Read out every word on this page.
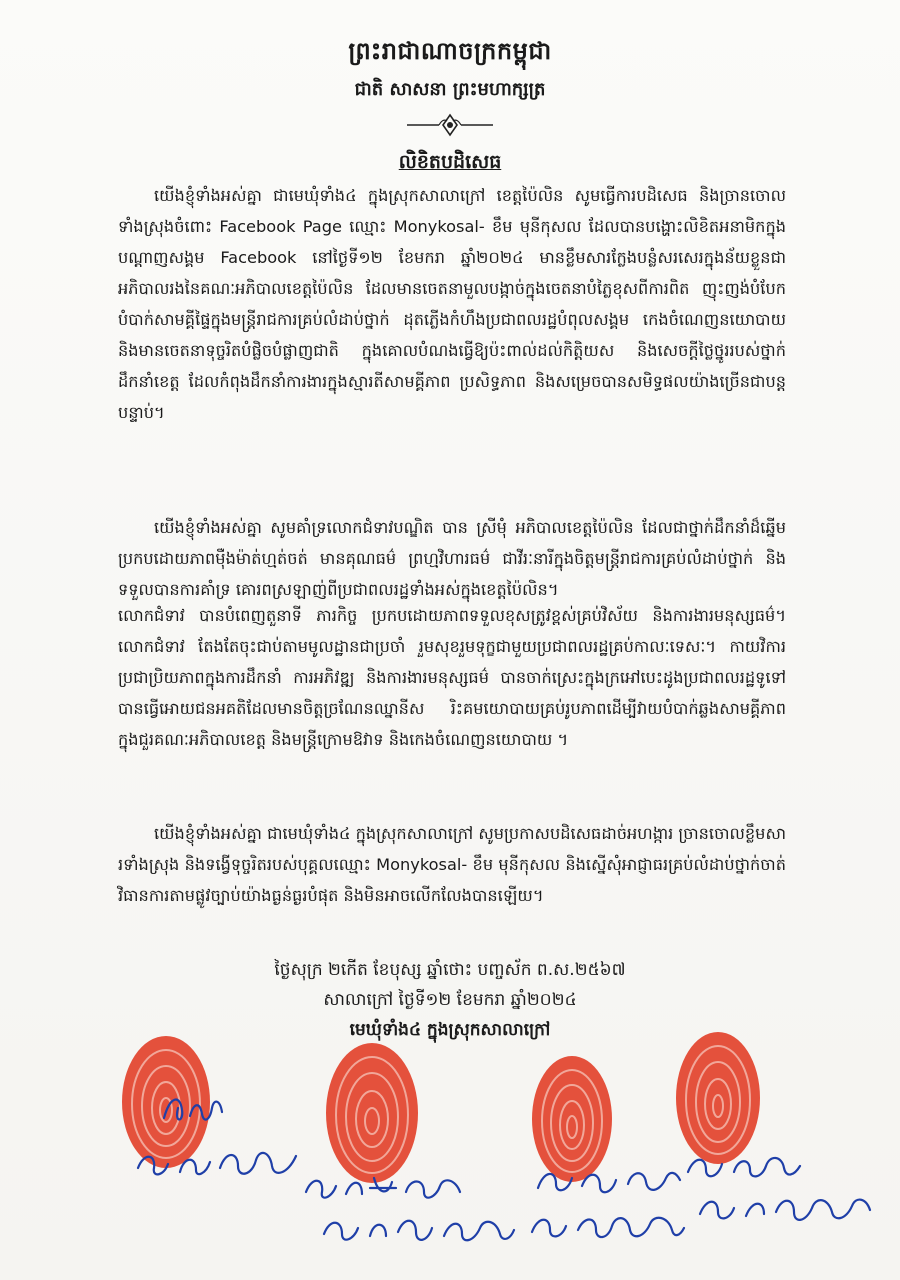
ព្រះរាជាណាចក្រកម្ពុជា
ជាតិ សាសនា ព្រះមហាក្សត្រ
លិខិតបដិសេធ
យើងខ្ញុំទាំងអស់គ្នា ជាមេឃុំទាំង៤ ក្នុងស្រុកសាលាក្រៅ ខេត្តប៉ៃលិន សូមធ្វើការបដិសេធ និងច្រានចោលទាំងស្រុងចំពោះ Facebook Page ឈ្មោះ Monykosal- ខឹម មុនីកុសល ដែលបានបង្ហោះលិខិតអនាមិកក្នុងបណ្តាញសង្គម Facebook នៅថ្ងៃទី១២ ខែមករា ឆ្នាំ២០២៤ មានខ្លឹមសារក្លែងបន្លំសរសេរក្នុងន័យខ្លួនជាអភិបាលរងនៃគណៈអភិបាលខេត្តប៉ៃលិន ដែលមានចេតនាមួលបង្កាច់ក្នុងចេតនាបំភ្លៃខុសពីការពិត ញុះញង់បំបែកបំបាក់សាមគ្គីផ្ទៃក្នុងមន្ត្រីរាជការគ្រប់លំដាប់ថ្នាក់ ដុតភ្លើងកំហឹងប្រជាពលរដ្ឋបំពុលសង្គម កេងចំណេញនយោបាយ និងមានចេតនាទុច្ចរិតបំផ្លិចបំផ្លាញជាតិ ក្នុងគោលបំណងធ្វើឱ្យប៉ះពាល់ដល់កិត្តិយស និងសេចក្តីថ្លៃថ្នូររបស់ថ្នាក់ដឹកនាំខេត្ត ដែលកំពុងដឹកនាំការងារក្នុងស្មារតីសាមគ្គីភាព ប្រសិទ្ធភាព និងសម្រេចបានសមិទ្ធផលយ៉ាងច្រើនជាបន្តបន្ទាប់។
យើងខ្ញុំទាំងអស់គ្នា សូមគាំទ្រលោកជំទាវបណ្ឌិត បាន ស្រីមុំ អភិបាលខេត្តប៉ៃលិន ដែលជាថ្នាក់ដឹកនាំដ៏ឆ្នើម ប្រកបដោយភាពម៉ឺងម៉ាត់ហ្មត់ចត់ មានគុណធម៌ ព្រហ្មវិហារធម៌ ជាវីរៈនារីក្នុងចិត្តមន្ត្រីរាជការគ្រប់លំដាប់ថ្នាក់ និងទទួលបានការគាំទ្រ គោរពស្រឡាញ់ពីប្រជាពលរដ្ឋទាំងអស់ក្នុងខេត្តប៉ៃលិន។
លោកជំទាវ បានបំពេញតួនាទី ភារកិច្ច ប្រកបដោយភាពទទួលខុសត្រូវខ្ពស់គ្រប់វិស័យ និងការងារមនុស្សធម៌។ លោកជំទាវ តែងតែចុះជាប់តាមមូលដ្ឋានជាប្រចាំ រួមសុខរួមទុក្ខជាមួយប្រជាពលរដ្ឋគ្រប់កាលៈទេសៈ។ កាយវិការ ប្រជាប្រិយភាពក្នុងការដឹកនាំ ការអភិវឌ្ឍ និងការងារមនុស្សធម៌ បានចាក់ស្រេះក្នុងក្រអៅបេះដូងប្រជាពលរដ្ឋទូទៅ បានធ្វើអោយជនអគតិដែលមានចិត្តច្រណែនឈ្នានីស រិះគមយោបាយគ្រប់រូបភាពដើម្បីវាយបំបាក់ឆ្លងសាមគ្គីភាពក្នុងជួរគណៈអភិបាលខេត្ត និងមន្ត្រីក្រោមឱវាទ និងកេងចំណេញនយោបាយ ។
យើងខ្ញុំទាំងអស់គ្នា ជាមេឃុំទាំង៤ ក្នុងស្រុកសាលាក្រៅ សូមប្រកាសបដិសេធដាច់អហង្ការ ច្រានចោលខ្លឹមសារទាំងស្រុង និងទង្វើទុច្ចរិតរបស់បុគ្គលឈ្មោះ Monykosal- ខឹម មុនីកុសល និងស្នើសុំអាជ្ញាធរគ្រប់លំដាប់ថ្នាក់ចាត់វិធានការតាមផ្លូវច្បាប់យ៉ាងធ្ងន់ធ្ងរបំផុត និងមិនអាចលើកលែងបានឡើយ។
ថ្ងៃសុក្រ ២កើត ខែបុស្ស ឆ្នាំថោះ បញ្ចស័ក ព.ស.២៥៦៧
សាលាក្រៅ ថ្ងៃទី១២ ខែមករា ឆ្នាំ២០២៤
មេឃុំទាំង៤ ក្នុងស្រុកសាលាក្រៅ
